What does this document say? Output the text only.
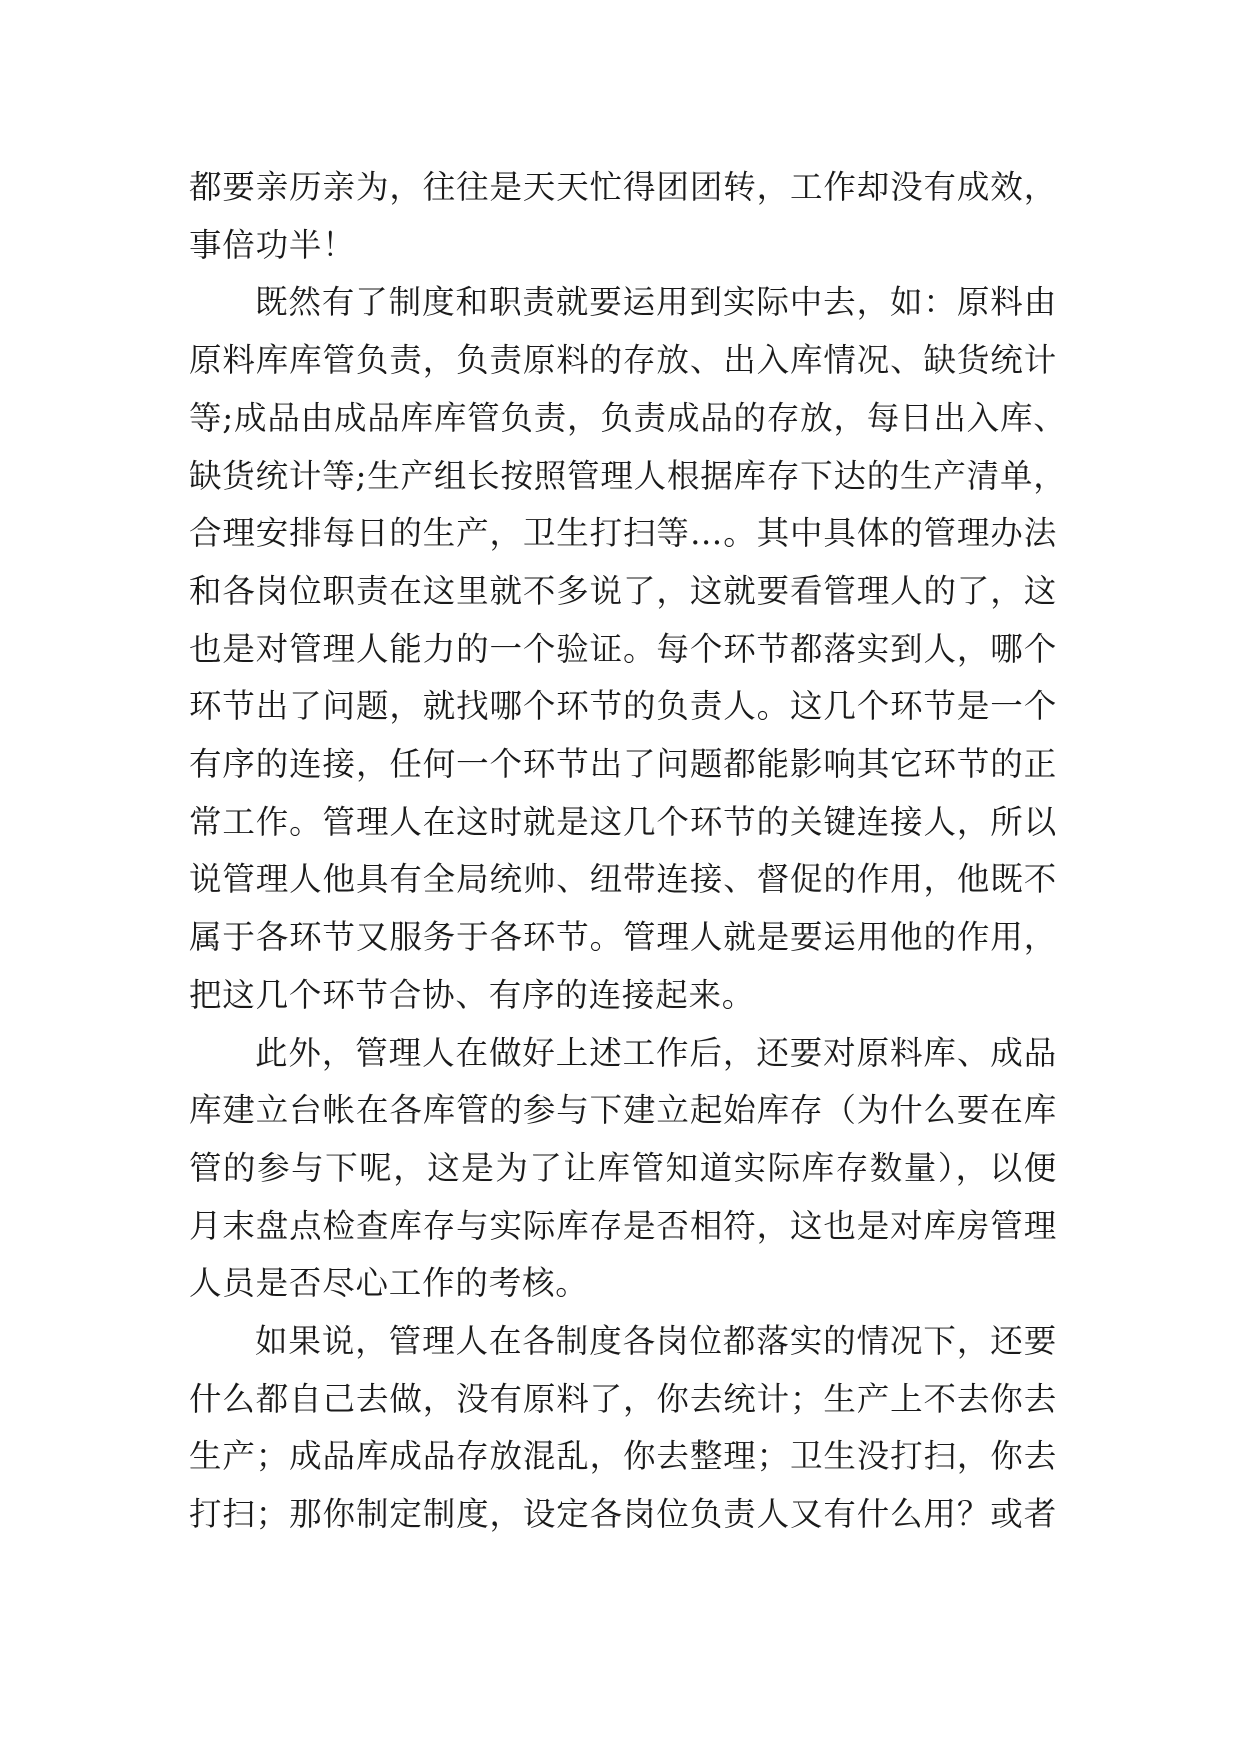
都要亲历亲为，往往是天天忙得团团转，工作却没有成效，
事倍功半！
既然有了制度和职责就要运用到实际中去，如：原料由
原料库库管负责，负责原料的存放、出入库情况、缺货统计
等;成品由成品库库管负责，负责成品的存放，每日出入库、
缺货统计等;生产组长按照管理人根据库存下达的生产清单，
合理安排每日的生产，卫生打扫等…。其中具体的管理办法
和各岗位职责在这里就不多说了，这就要看管理人的了，这
也是对管理人能力的一个验证。每个环节都落实到人，哪个
环节出了问题，就找哪个环节的负责人。这几个环节是一个
有序的连接，任何一个环节出了问题都能影响其它环节的正
常工作。管理人在这时就是这几个环节的关键连接人，所以
说管理人他具有全局统帅、纽带连接、督促的作用，他既不
属于各环节又服务于各环节。管理人就是要运用他的作用，
把这几个环节合协、有序的连接起来。
此外，管理人在做好上述工作后，还要对原料库、成品
库建立台帐在各库管的参与下建立起始库存（为什么要在库
管的参与下呢，这是为了让库管知道实际库存数量），以便
月末盘点检查库存与实际库存是否相符，这也是对库房管理
人员是否尽心工作的考核。
如果说，管理人在各制度各岗位都落实的情况下，还要
什么都自己去做，没有原料了，你去统计；生产上不去你去
生产；成品库成品存放混乱，你去整理；卫生没打扫，你去
打扫；那你制定制度，设定各岗位负责人又有什么用？或者
